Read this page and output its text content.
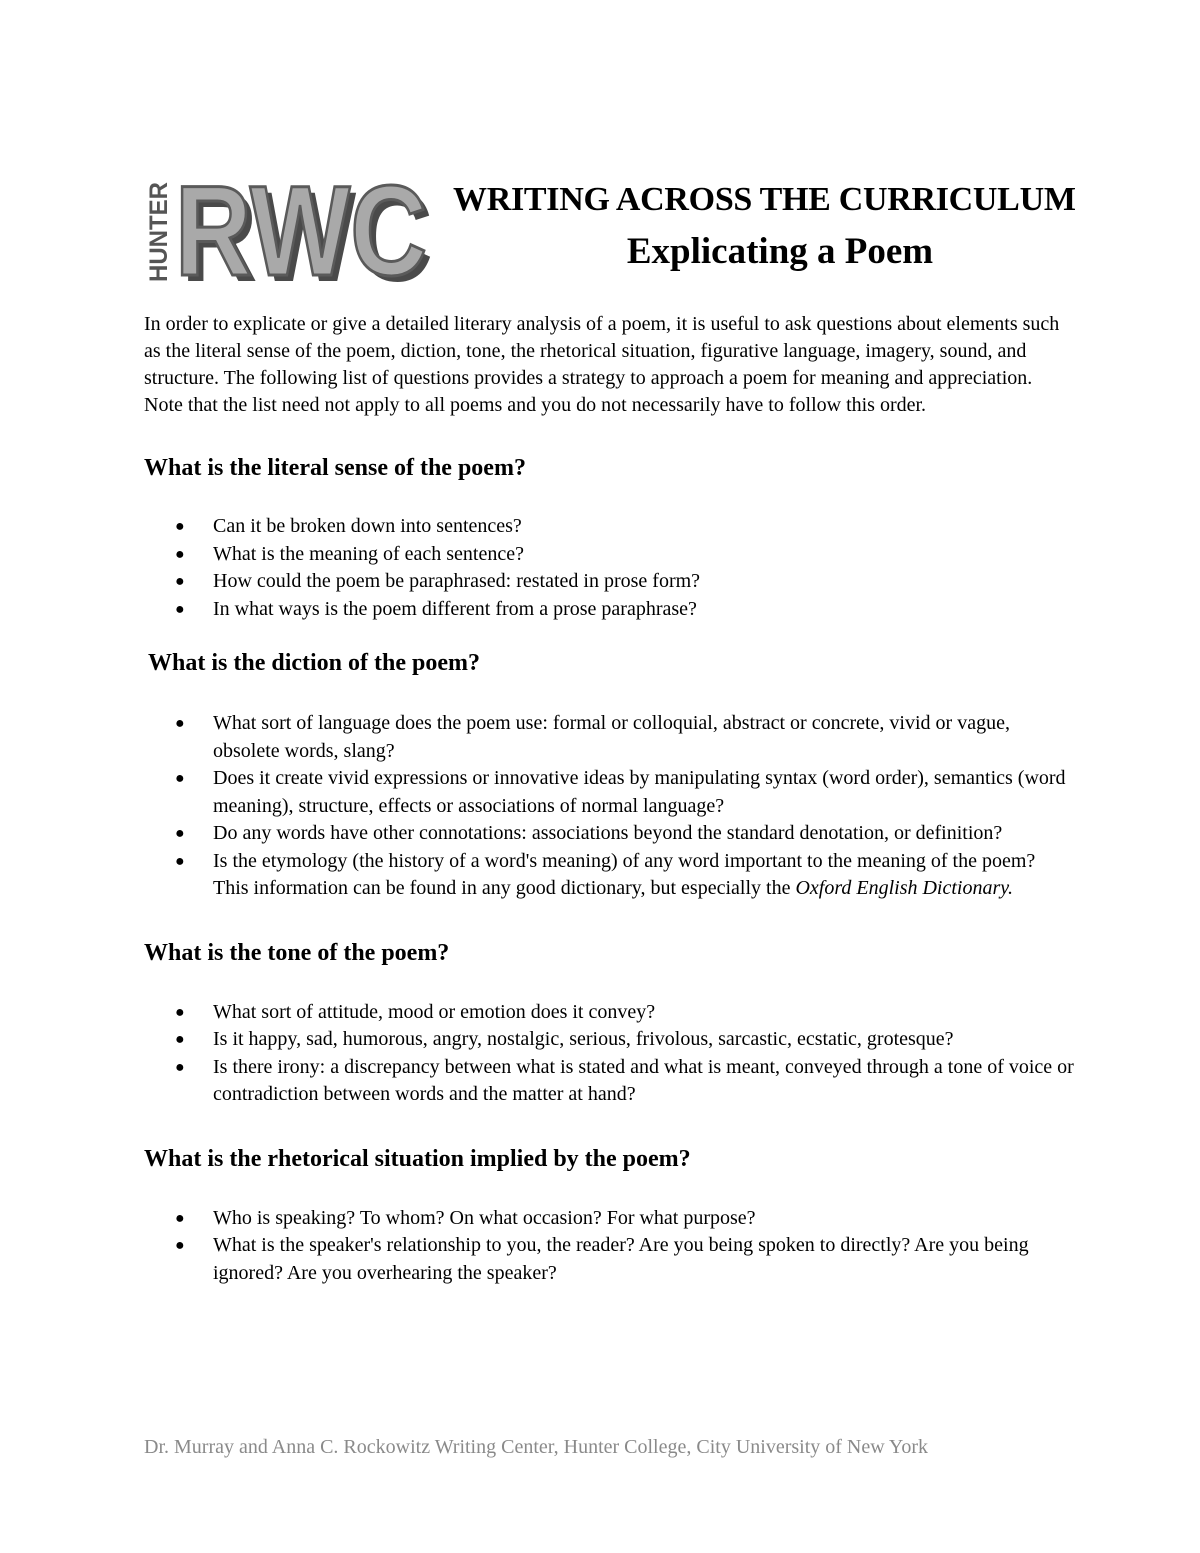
HUNTER RWC
RWC WRITING ACROSS THE CURRICULUM
Explicating a Poem

In order to explicate or give a detailed literary analysis of a poem, it is useful to ask questions about elements such as the literal sense of the poem, diction, tone, the rhetorical situation, figurative language, imagery, sound, and structure. The following list of questions provides a strategy to approach a poem for meaning and appreciation. Note that the list need not apply to all poems and you do not necessarily have to follow this order.

What is the literal sense of the poem?
● Can it be broken down into sentences?
● What is the meaning of each sentence?
● How could the poem be paraphrased: restated in prose form?
● In what ways is the poem different from a prose paraphrase?
What is the diction of the poem?
● What sort of language does the poem use: formal or colloquial, abstract or concrete, vivid or vague, obsolete words, slang?
● Does it create vivid expressions or innovative ideas by manipulating syntax (word order), semantics (word meaning), structure, effects or associations of normal language?
● Do any words have other connotations: associations beyond the standard denotation, or definition?
● Is the etymology (the history of a word's meaning) of any word important to the meaning of the poem? This information can be found in any good dictionary, but especially the Oxford English Dictionary.
What is the tone of the poem?
● What sort of attitude, mood or emotion does it convey?
● Is it happy, sad, humorous, angry, nostalgic, serious, frivolous, sarcastic, ecstatic, grotesque?
● Is there irony: a discrepancy between what is stated and what is meant, conveyed through a tone of voice or contradiction between words and the matter at hand?
What is the rhetorical situation implied by the poem?
● Who is speaking? To whom? On what occasion? For what purpose?
● What is the speaker's relationship to you, the reader? Are you being spoken to directly? Are you being ignored? Are you overhearing the speaker?
Dr. Murray and Anna C. Rockowitz Writing Center, Hunter College, City University of New York
